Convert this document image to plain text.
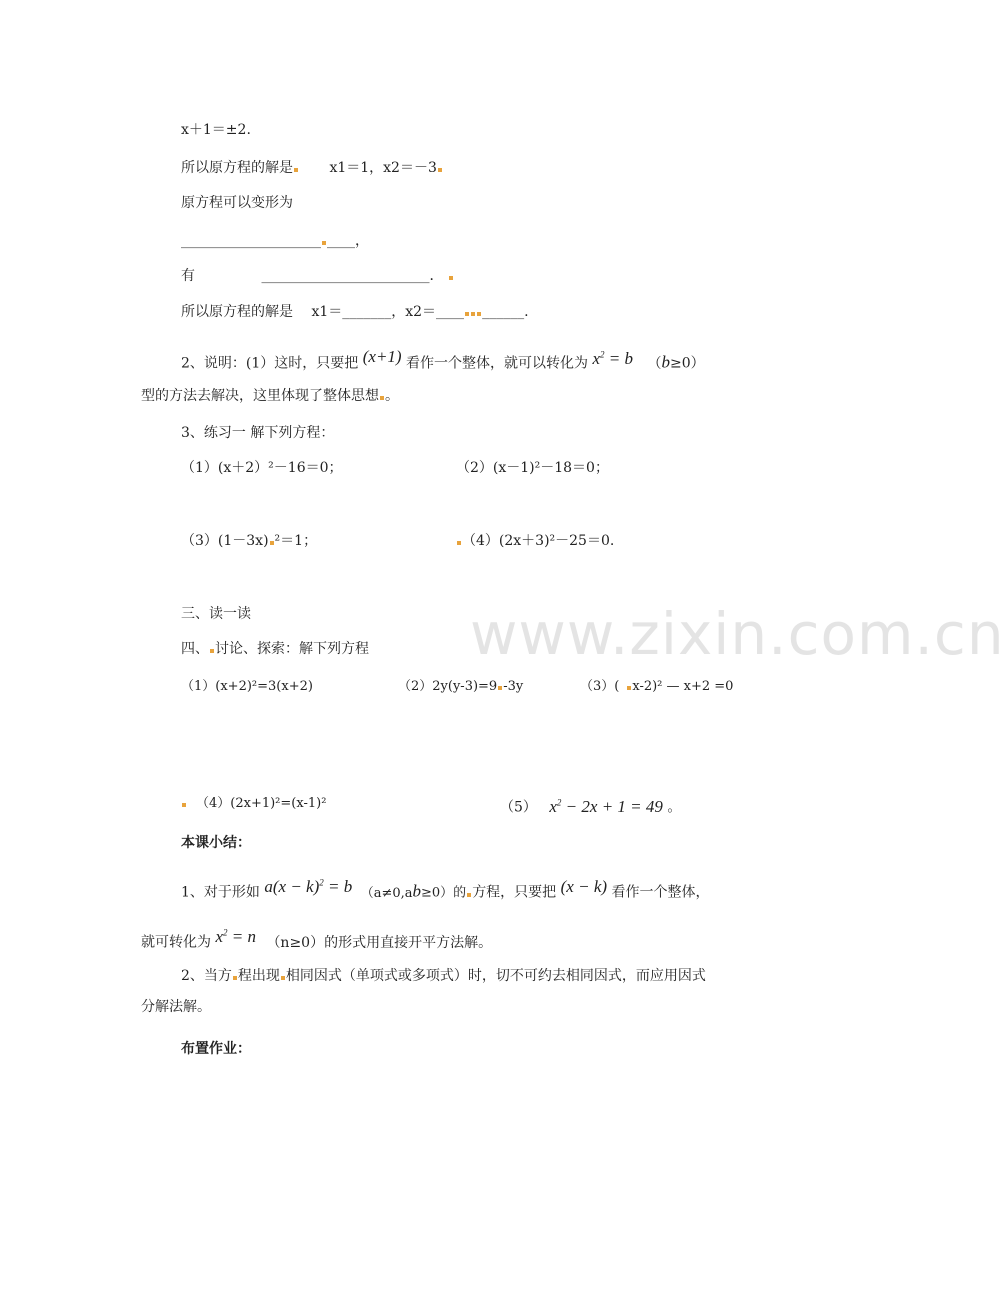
www.zixin.com.cn
x＋1＝±2.
所以原方程的解是	x1＝1，x2＝－3
原方程可以变形为
____________________ ____，
有	________________________．
所以原方程的解是 x1＝_______，x2＝____ ______.
2、说明：(1）这时，只要把 (x+1) 看作一个整体，就可以转化为 $x^2 = b$ （b≥0）
型的方法去解决，这里体现了整体思想 。
3、练习一 解下列方程：
（1）(x＋2）²－16＝0；	（2）(x－1)²－18＝0；
（3）(1－3x) ²＝1；	（4）(2x＋3)²－25＝0.
三、读一读
四、 讨论、探索：解下列方程
（1）(x+2)²=3(x+2)	（2）2y(y-3)=9 -3y	（3）( x-2)² — x+2 =0
（4）(2x+1)²=(x-1)²	（5） $x^2 - 2x + 1 = 49$ 。
本课小结：
1、对于形如 $a(x - k)^2 = b$ （a≠0,ab≥0）的 方程，只要把 (x − k) 看作一个整体，
就可转化为 $x^2 = n$ （n≥0）的形式用直接开平方法解。
2、当方 程出现 相同因式（单项式或多项式）时，切不可约去相同因式，而应用因式
分解法解。
布置作业：
